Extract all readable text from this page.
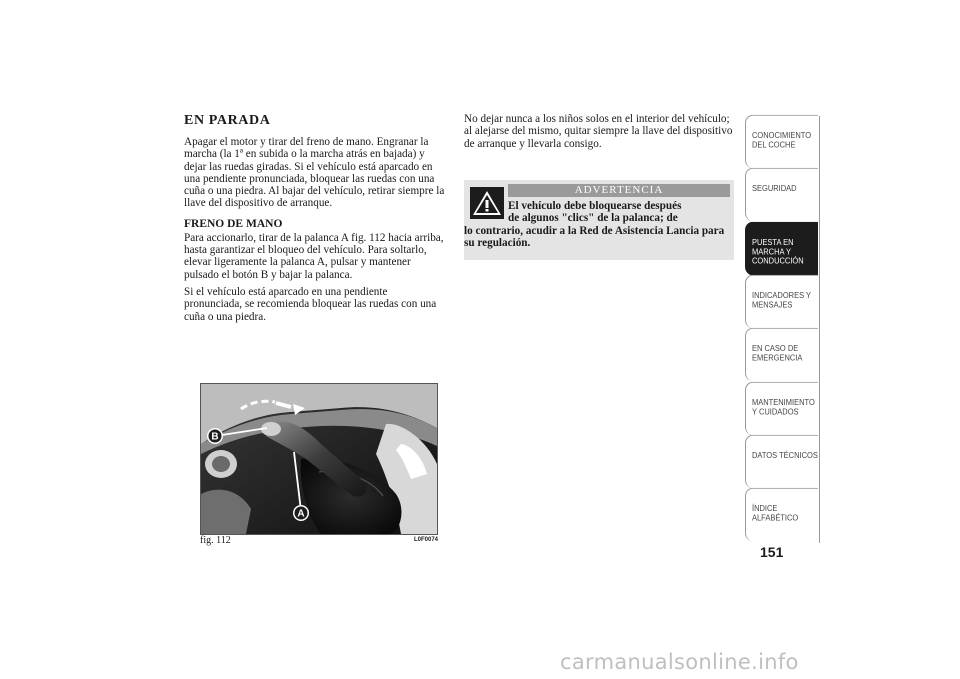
EN PARADA

Apagar el motor y tirar del freno de mano. Engranar la marcha (la 1ª en subida o la marcha atrás en bajada) y dejar las ruedas giradas. Si el vehículo está aparcado en una pendiente pronunciada, bloquear las ruedas con una cuña o una piedra. Al bajar del vehículo, retirar siempre la llave del dispositivo de arranque.

FRENO DE MANO

Para accionarlo, tirar de la palanca A fig. 112 hacia arriba, hasta garantizar el bloqueo del vehículo. Para soltarlo, elevar ligeramente la palanca A, pulsar y mantener pulsado el botón B y bajar la palanca.

Si el vehículo está aparcado en una pendiente pronunciada, se recomienda bloquear las ruedas con una cuña o una piedra.

No dejar nunca a los niños solos en el interior del vehículo; al alejarse del mismo, quitar siempre la llave del dispositivo de arranque y llevarla consigo.

ADVERTENCIA
El vehículo debe bloquearse después
de algunos "clics" de la palanca; de
lo contrario, acudir a la Red de Asistencia Lancia para su regulación.
B
A
fig. 112	L0F0074
CONOCIMIENTO DEL COCHE
SEGURIDAD
PUESTA EN MARCHA Y CONDUCCIÓN
INDICADORES Y MENSAJES
EN CASO DE EMERGENCIA
MANTENIMIENTO Y CUIDADOS
DATOS TÉCNICOS
ÍNDICE ALFABÉTICO
151
carmanualsonline.info
